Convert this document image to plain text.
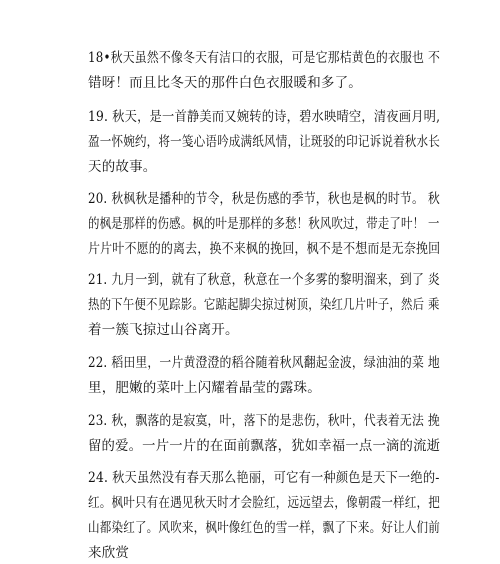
18•秋天虽然不像冬天有洁口的衣服，可是它那桔黄色的衣服也 不
错呀！而且比冬天的那件白色衣服暖和多了。
19. 秋天，是一首静美而又婉转的诗，碧水映晴空，清夜画月明,
盈一怀婉约，将一笺心语吟成满纸风情，让斑驳的印记诉说着秋水长
天的故事。
20. 秋枫秋是播种的节令，秋是伤感的季节，秋也是枫的时节。 秋
的枫是那样的伤感。枫的叶是那样的多愁！秋风吹过，带走了叶！ 一
片片叶不愿的的离去，换不来枫的挽回，枫不是不想而是无奈挽回
21. 九月一到，就有了秋意，秋意在一个多雾的黎明溜来，到了 炎
热的下午便不见踪影。它踮起脚尖掠过树顶，染红几片叶子，然后 乘
着一簇飞掠过山谷离开。
22. 稻田里，一片黄澄澄的稻谷随着秋风翻起金波，绿油油的菜 地
里，肥嫩的菜叶上闪耀着晶莹的露珠。
23. 秋，飘落的是寂寞，叶，落下的是悲伤，秋叶，代表着无法 挽
留的爱。一片一片的在面前飘落，犹如幸福一点一滴的流逝
24. 秋天虽然没有春天那么艳丽，可它有一种颜色是天下一绝的-
红。枫叶只有在遇见秋天时才会脸红，远远望去，像朝霞一样红，把
山都染红了。风吹来，枫叶像红色的雪一样，飘了下来。好让人们前
来欣赏
